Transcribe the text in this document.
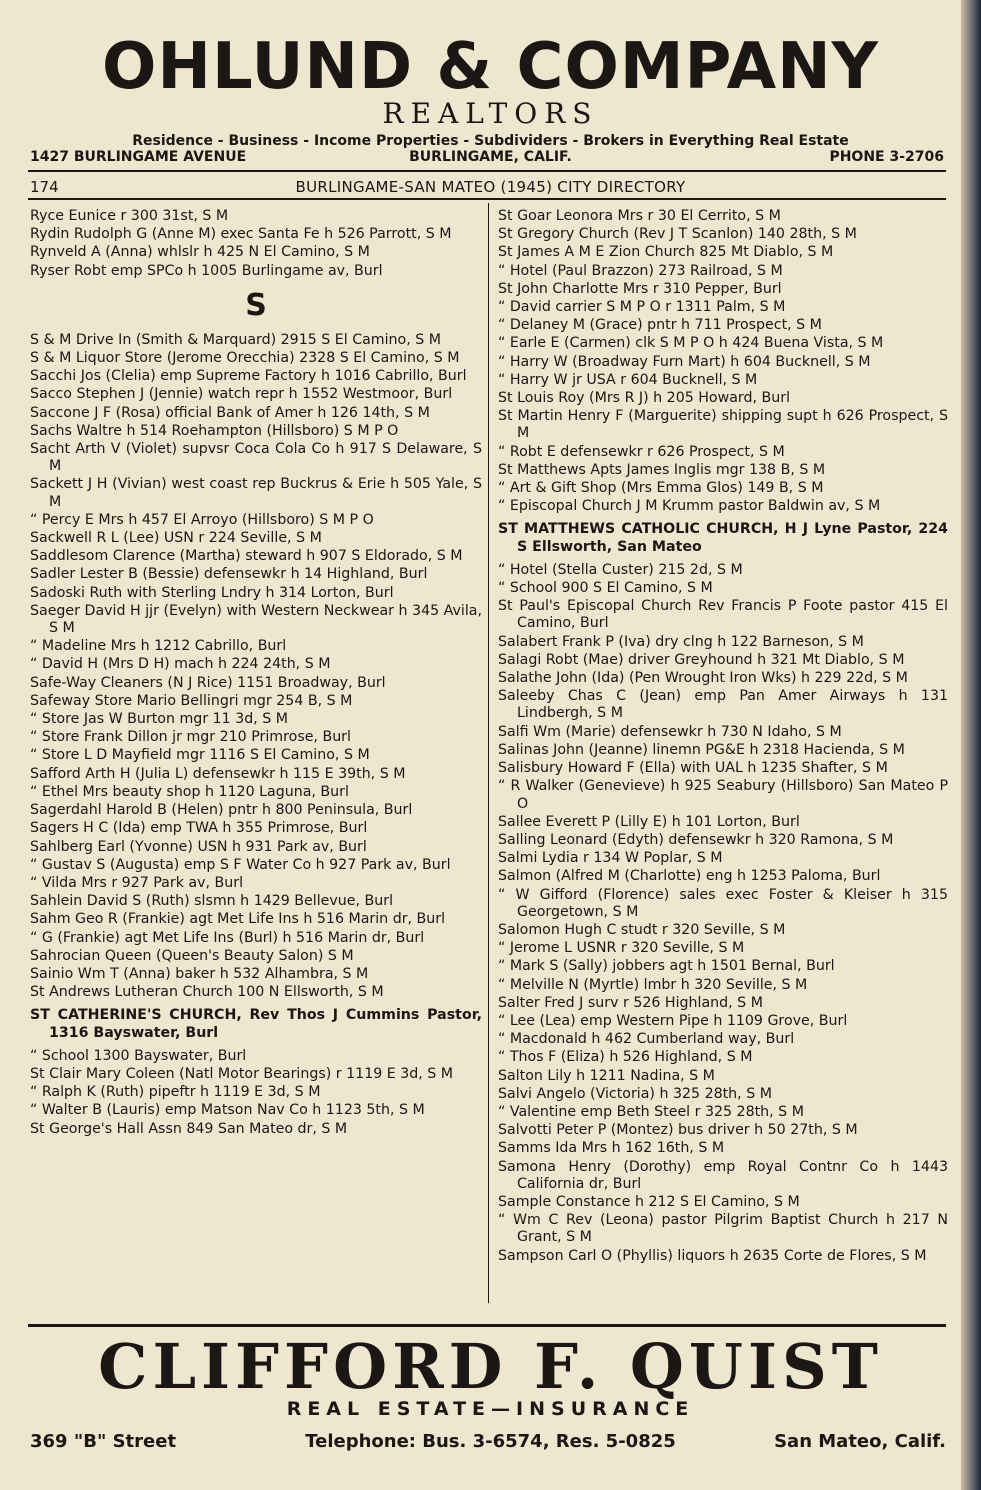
OHLUND & COMPANY
REALTORS
Residence - Business - Income Properties - Subdividers - Brokers in Everything Real Estate
1427 BURLINGAME AVENUE	BURLINGAME, CALIF.	PHONE 3-2706
174	BURLINGAME-SAN MATEO (1945) CITY DIRECTORY
Ryce Eunice r 300 31st, S M
Rydin Rudolph G (Anne M) exec Santa Fe h 526 Parrott, S M
Rynveld A (Anna) whlslr h 425 N El Camino, S M
Ryser Robt emp SPCo h 1005 Burlingame av, Burl
S
S & M Drive In (Smith & Marquard) 2915 S El Camino, S M
S & M Liquor Store (Jerome Orecchia) 2328 S El Camino, S M
Sacchi Jos (Clelia) emp Supreme Factory h 1016 Cabrillo, Burl
Sacco Stephen J (Jennie) watch repr h 1552 Westmoor, Burl
Saccone J F (Rosa) official Bank of Amer h 126 14th, S M
Sachs Waltre h 514 Roehampton (Hillsboro) S M P O
Sacht Arth V (Violet) supvsr Coca Cola Co h 917 S Delaware, S M
Sackett J H (Vivian) west coast rep Buckrus & Erie h 505 Yale, S M
“ Percy E Mrs h 457 El Arroyo (Hillsboro) S M P O
Sackwell R L (Lee) USN r 224 Seville, S M
Saddlesom Clarence (Martha) steward h 907 S Eldorado, S M
Sadler Lester B (Bessie) defensewkr h 14 Highland, Burl
Sadoski Ruth with Sterling Lndry h 314 Lorton, Burl
Saeger David H jjr (Evelyn) with Western Neckwear h 345 Avila, S M
“ Madeline Mrs h 1212 Cabrillo, Burl
“ David H (Mrs D H) mach h 224 24th, S M
Safe-Way Cleaners (N J Rice) 1151 Broadway, Burl
Safeway Store Mario Bellingri mgr 254 B, S M
“ Store Jas W Burton mgr 11 3d, S M
“ Store Frank Dillon jr mgr 210 Primrose, Burl
“ Store L D Mayfield mgr 1116 S El Camino, S M
Safford Arth H (Julia L) defensewkr h 115 E 39th, S M
“ Ethel Mrs beauty shop h 1120 Laguna, Burl
Sagerdahl Harold B (Helen) pntr h 800 Peninsula, Burl
Sagers H C (Ida) emp TWA h 355 Primrose, Burl
Sahlberg Earl (Yvonne) USN h 931 Park av, Burl
“ Gustav S (Augusta) emp S F Water Co h 927 Park av, Burl
“ Vilda Mrs r 927 Park av, Burl
Sahlein David S (Ruth) slsmn h 1429 Bellevue, Burl
Sahm Geo R (Frankie) agt Met Life Ins h 516 Marin dr, Burl
“ G (Frankie) agt Met Life Ins (Burl) h 516 Marin dr, Burl
Sahrocian Queen (Queen's Beauty Salon) S M
Sainio Wm T (Anna) baker h 532 Alhambra, S M
St Andrews Lutheran Church 100 N Ellsworth, S M
ST CATHERINE'S CHURCH, Rev Thos J Cummins Pastor, 1316 Bayswater, Burl
“ School 1300 Bayswater, Burl
St Clair Mary Coleen (Natl Motor Bearings) r 1119 E 3d, S M
“ Ralph K (Ruth) pipeftr h 1119 E 3d, S M
“ Walter B (Lauris) emp Matson Nav Co h 1123 5th, S M
St George's Hall Assn 849 San Mateo dr, S M
St Goar Leonora Mrs r 30 El Cerrito, S M
St Gregory Church (Rev J T Scanlon) 140 28th, S M
St James A M E Zion Church 825 Mt Diablo, S M
“ Hotel (Paul Brazzon) 273 Railroad, S M
St John Charlotte Mrs r 310 Pepper, Burl
“ David carrier S M P O r 1311 Palm, S M
“ Delaney M (Grace) pntr h 711 Prospect, S M
“ Earle E (Carmen) clk S M P O h 424 Buena Vista, S M
“ Harry W (Broadway Furn Mart) h 604 Bucknell, S M
“ Harry W jr USA r 604 Bucknell, S M
St Louis Roy (Mrs R J) h 205 Howard, Burl
St Martin Henry F (Marguerite) shipping supt h 626 Prospect, S M
“ Robt E defensewkr r 626 Prospect, S M
St Matthews Apts James Inglis mgr 138 B, S M
“ Art & Gift Shop (Mrs Emma Glos) 149 B, S M
“ Episcopal Church J M Krumm pastor Baldwin av, S M
ST MATTHEWS CATHOLIC CHURCH, H J Lyne Pastor, 224 S Ellsworth, San Mateo
“ Hotel (Stella Custer) 215 2d, S M
“ School 900 S El Camino, S M
St Paul's Episcopal Church Rev Francis P Foote pastor 415 El Camino, Burl
Salabert Frank P (Iva) dry clng h 122 Barneson, S M
Salagi Robt (Mae) driver Greyhound h 321 Mt Diablo, S M
Salathe John (Ida) (Pen Wrought Iron Wks) h 229 22d, S M
Saleeby Chas C (Jean) emp Pan Amer Airways h 131 Lindbergh, S M
Salfi Wm (Marie) defensewkr h 730 N Idaho, S M
Salinas John (Jeanne) linemn PG&E h 2318 Hacienda, S M
Salisbury Howard F (Ella) with UAL h 1235 Shafter, S M
“ R Walker (Genevieve) h 925 Seabury (Hillsboro) San Mateo P O
Sallee Everett P (Lilly E) h 101 Lorton, Burl
Salling Leonard (Edyth) defensewkr h 320 Ramona, S M
Salmi Lydia r 134 W Poplar, S M
Salmon (Alfred M (Charlotte) eng h 1253 Paloma, Burl
“ W Gifford (Florence) sales exec Foster & Kleiser h 315 Georgetown, S M
Salomon Hugh C studt r 320 Seville, S M
“ Jerome L USNR r 320 Seville, S M
“ Mark S (Sally) jobbers agt h 1501 Bernal, Burl
“ Melville N (Myrtle) lmbr h 320 Seville, S M
Salter Fred J surv r 526 Highland, S M
“ Lee (Lea) emp Western Pipe h 1109 Grove, Burl
“ Macdonald h 462 Cumberland way, Burl
“ Thos F (Eliza) h 526 Highland, S M
Salton Lily h 1211 Nadina, S M
Salvi Angelo (Victoria) h 325 28th, S M
“ Valentine emp Beth Steel r 325 28th, S M
Salvotti Peter P (Montez) bus driver h 50 27th, S M
Samms Ida Mrs h 162 16th, S M
Samona Henry (Dorothy) emp Royal Contnr Co h 1443 California dr, Burl
Sample Constance h 212 S El Camino, S M
“ Wm C Rev (Leona) pastor Pilgrim Baptist Church h 217 N Grant, S M
Sampson Carl O (Phyllis) liquors h 2635 Corte de Flores, S M
CLIFFORD F. QUIST
REAL ESTATE—INSURANCE
369 "B" Street	Telephone: Bus. 3-6574, Res. 5-0825	San Mateo, Calif.
